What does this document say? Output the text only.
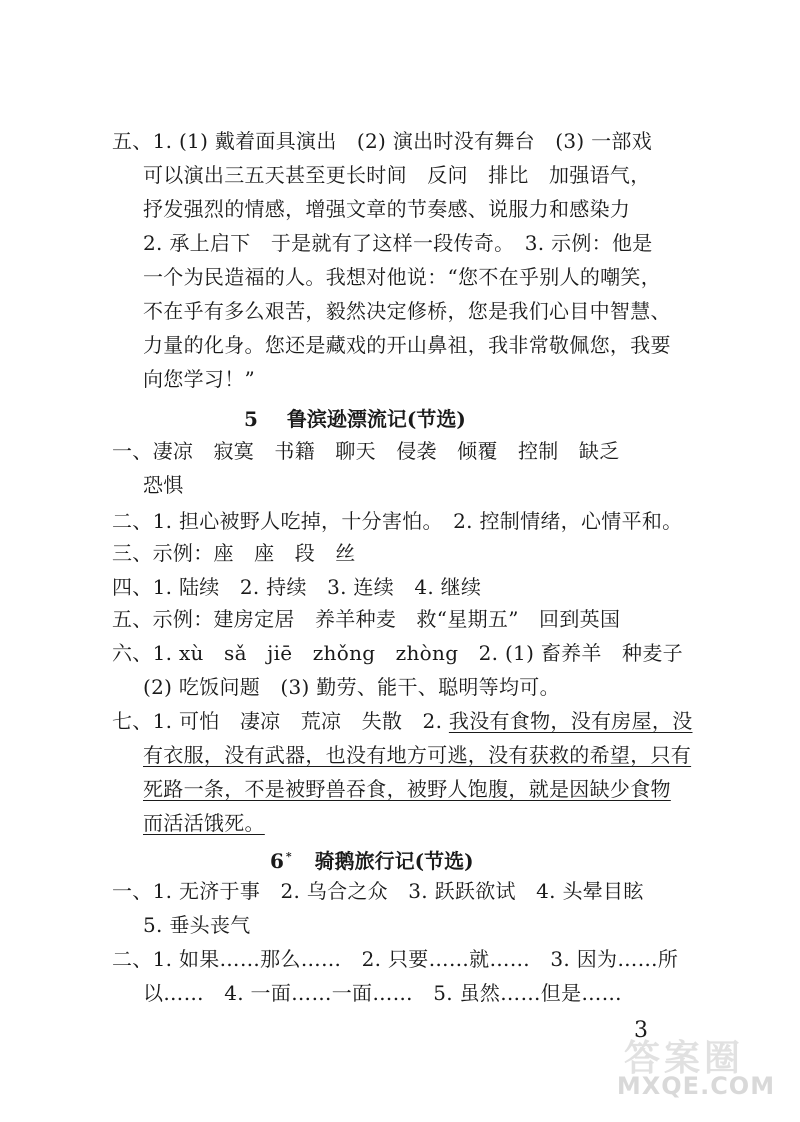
五、1. (1) 戴着面具演出　(2) 演出时没有舞台　(3) 一部戏
可以演出三五天甚至更长时间　反问　排比　加强语气，
抒发强烈的情感，增强文章的节奏感、说服力和感染力
2. 承上启下　于是就有了这样一段传奇。　3. 示例：他是
一个为民造福的人。我想对他说：“您不在乎别人的嘲笑，
不在乎有多么艰苦，毅然决定修桥，您是我们心目中智慧、
力量的化身。您还是藏戏的开山鼻祖，我非常敬佩您，我要
向您学习！”
5 鲁滨逊漂流记(节选)
一、凄凉　寂寞　书籍　聊天　侵袭　倾覆　控制　缺乏
恐惧
二、1. 担心被野人吃掉，十分害怕。　2. 控制情绪，心情平和。
三、示例：座　座　段　丝
四、1. 陆续　2. 持续　3. 连续　4. 继续
五、示例：建房定居　养羊种麦　救“星期五”　回到英国
六、1. xù　sǎ　jiē　zhǒng　zhòng　2. (1) 畜养羊　种麦子
(2) 吃饭问题　(3) 勤劳、能干、聪明等均可。
七、1. 可怕　凄凉　荒凉　失散　2. 我没有食物，没有房屋，没
有衣服，没有武器，也没有地方可逃，没有获救的希望，只有
死路一条，不是被野兽吞食，被野人饱腹，就是因缺少食物
而活活饿死。
6 * 骑鹅旅行记(节选)
一、1. 无济于事　2. 乌合之众　3. 跃跃欲试　4. 头晕目眩
5. 垂头丧气
二、1. 如果……那么……　2. 只要……就……　3. 因为……所
以……　4. 一面……一面……　5. 虽然……但是……
3
答案圈
MXQE.COM
